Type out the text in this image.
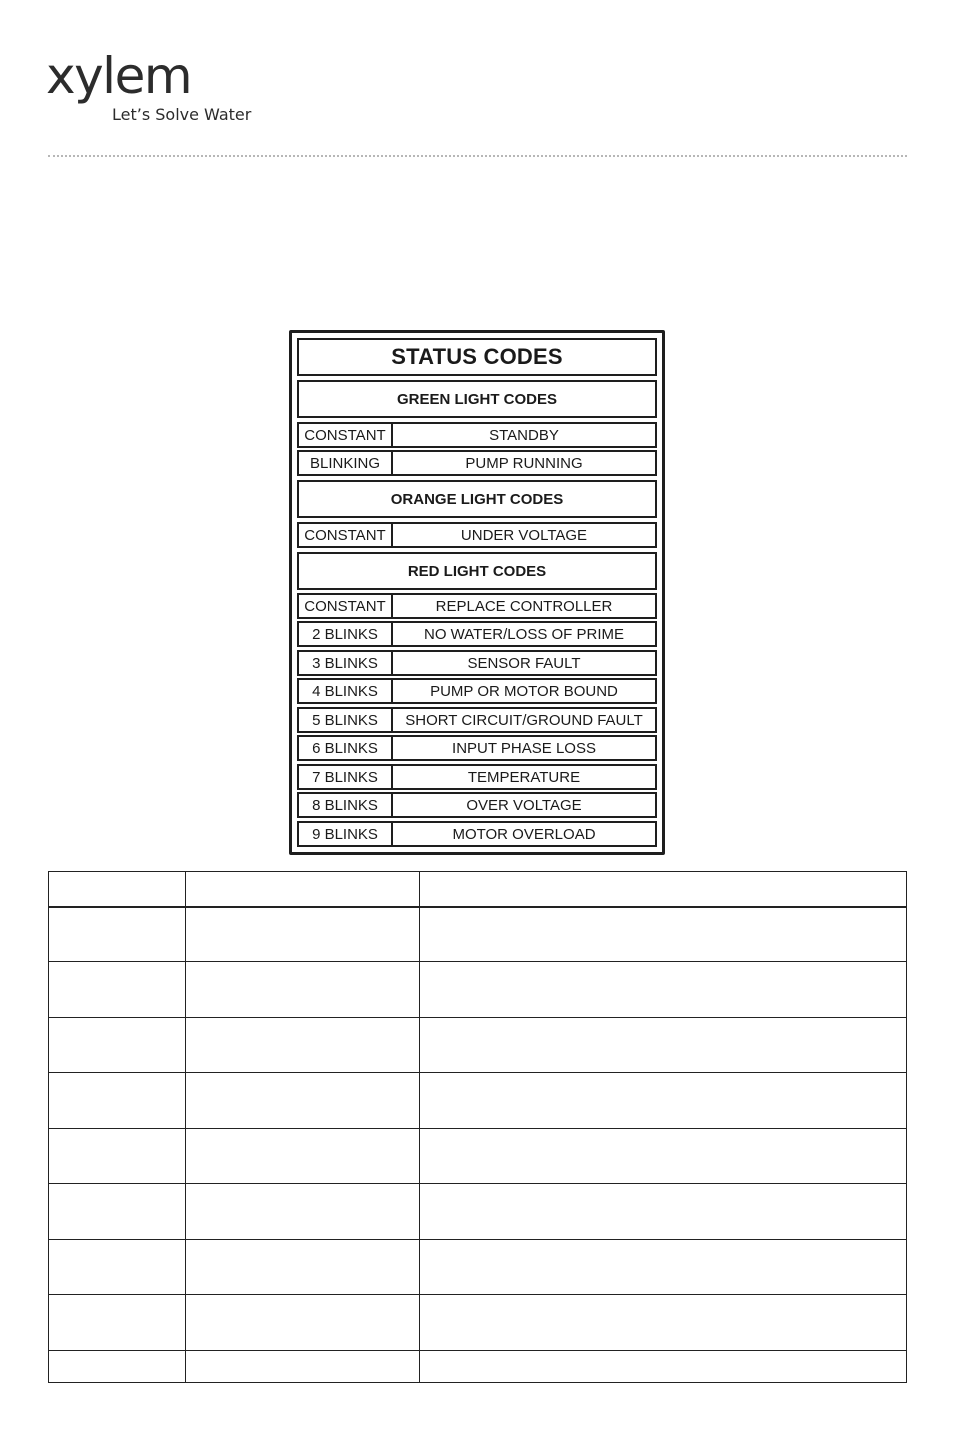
xylem
Let’s Solve Water
STATUS CODES
GREEN LIGHT CODES
CONSTANT	STANDBY
BLINKING	PUMP RUNNING
ORANGE LIGHT CODES
CONSTANT	UNDER VOLTAGE
RED LIGHT CODES
CONSTANT	REPLACE CONTROLLER
2 BLINKS	NO WATER/LOSS OF PRIME
3 BLINKS	SENSOR FAULT
4 BLINKS	PUMP OR MOTOR BOUND
5 BLINKS	SHORT CIRCUIT/GROUND FAULT
6 BLINKS	INPUT PHASE LOSS
7 BLINKS	TEMPERATURE
8 BLINKS	OVER VOLTAGE
9 BLINKS	MOTOR OVERLOAD
